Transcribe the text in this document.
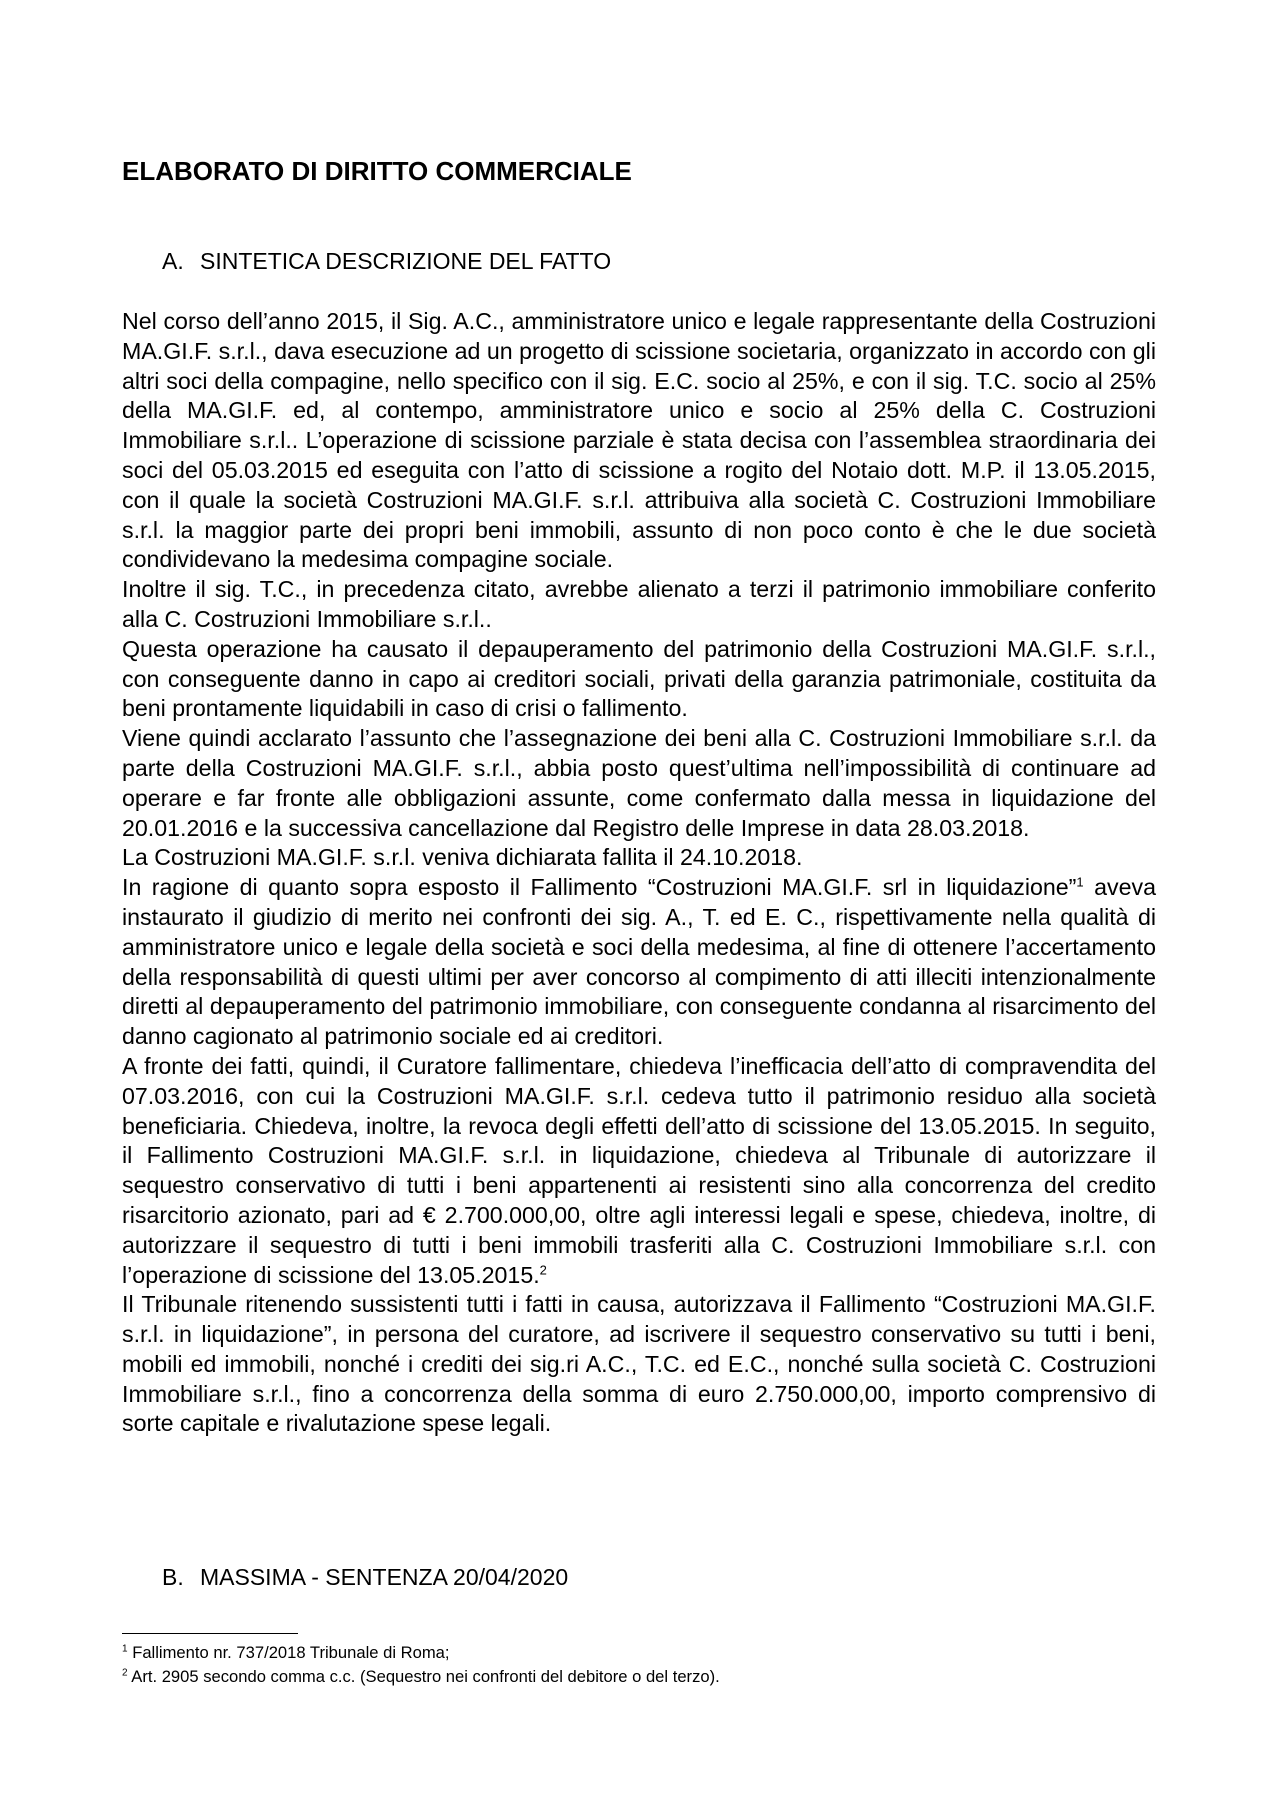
ELABORATO DI DIRITTO COMMERCIALE
A. SINTETICA DESCRIZIONE DEL FATTO

Nel corso dell’anno 2015, il Sig. A.C., amministratore unico e legale rappresentante della Costruzioni MA.GI.F. s.r.l., dava esecuzione ad un progetto di scissione societaria, organizzato in accordo con gli altri soci della compagine, nello specifico con il sig. E.C. socio al 25%, e con il sig. T.C. socio al 25% della MA.GI.F. ed, al contempo, amministratore unico e socio al 25% della C. Costruzioni Immobiliare s.r.l.. L’operazione di scissione parziale è stata decisa con l’assemblea straordinaria dei soci del 05.03.2015 ed eseguita con l’atto di scissione a rogito del Notaio dott. M.P. il 13.05.2015, con il quale la società Costruzioni MA.GI.F. s.r.l. attribuiva alla società C. Costruzioni Immobiliare s.r.l. la maggior parte dei propri beni immobili, assunto di non poco conto è che le due società condividevano la medesima compagine sociale.

Inoltre il sig. T.C., in precedenza citato, avrebbe alienato a terzi il patrimonio immobiliare conferito alla C. Costruzioni Immobiliare s.r.l..

Questa operazione ha causato il depauperamento del patrimonio della Costruzioni MA.GI.F. s.r.l., con conseguente danno in capo ai creditori sociali, privati della garanzia patrimoniale, costituita da beni prontamente liquidabili in caso di crisi o fallimento.

Viene quindi acclarato l’assunto che l’assegnazione dei beni alla C. Costruzioni Immobiliare s.r.l. da parte della Costruzioni MA.GI.F. s.r.l., abbia posto quest’ultima nell’impossibilità di continuare ad operare e far fronte alle obbligazioni assunte, come confermato dalla messa in liquidazione del 20.01.2016 e la successiva cancellazione dal Registro delle Imprese in data 28.03.2018.

La Costruzioni MA.GI.F. s.r.l. veniva dichiarata fallita il 24.10.2018.

In ragione di quanto sopra esposto il Fallimento “Costruzioni MA.GI.F. srl in liquidazione”$^1$ aveva instaurato il giudizio di merito nei confronti dei sig. A., T. ed E. C., rispettivamente nella qualità di amministratore unico e legale della società e soci della medesima, al fine di ottenere l’accertamento della responsabilità di questi ultimi per aver concorso al compimento di atti illeciti intenzionalmente diretti al depauperamento del patrimonio immobiliare, con conseguente condanna al risarcimento del danno cagionato al patrimonio sociale ed ai creditori.

A fronte dei fatti, quindi, il Curatore fallimentare, chiedeva l’inefficacia dell’atto di compravendita del 07.03.2016, con cui la Costruzioni MA.GI.F. s.r.l. cedeva tutto il patrimonio residuo alla società beneficiaria. Chiedeva, inoltre, la revoca degli effetti dell’atto di scissione del 13.05.2015. In seguito, il Fallimento Costruzioni MA.GI.F. s.r.l. in liquidazione, chiedeva al Tribunale di autorizzare il sequestro conservativo di tutti i beni appartenenti ai resistenti sino alla concorrenza del credito risarcitorio azionato, pari ad € 2.700.000,00, oltre agli interessi legali e spese, chiedeva, inoltre, di autorizzare il sequestro di tutti i beni immobili trasferiti alla C. Costruzioni Immobiliare s.r.l. con l’operazione di scissione del 13.05.2015.$^2$

Il Tribunale ritenendo sussistenti tutti i fatti in causa, autorizzava il Fallimento “Costruzioni MA.GI.F. s.r.l. in liquidazione”, in persona del curatore, ad iscrivere il sequestro conservativo su tutti i beni, mobili ed immobili, nonché i crediti dei sig.ri A.C., T.C. ed E.C., nonché sulla società C. Costruzioni Immobiliare s.r.l., fino a concorrenza della somma di euro 2.750.000,00, importo comprensivo di sorte capitale e rivalutazione spese legali.

B. MASSIMA - SENTENZA 20/04/2020

$^1$ Fallimento nr. 737/2018 Tribunale di Roma;

$^2$ Art. 2905 secondo comma c.c. (Sequestro nei confronti del debitore o del terzo).
